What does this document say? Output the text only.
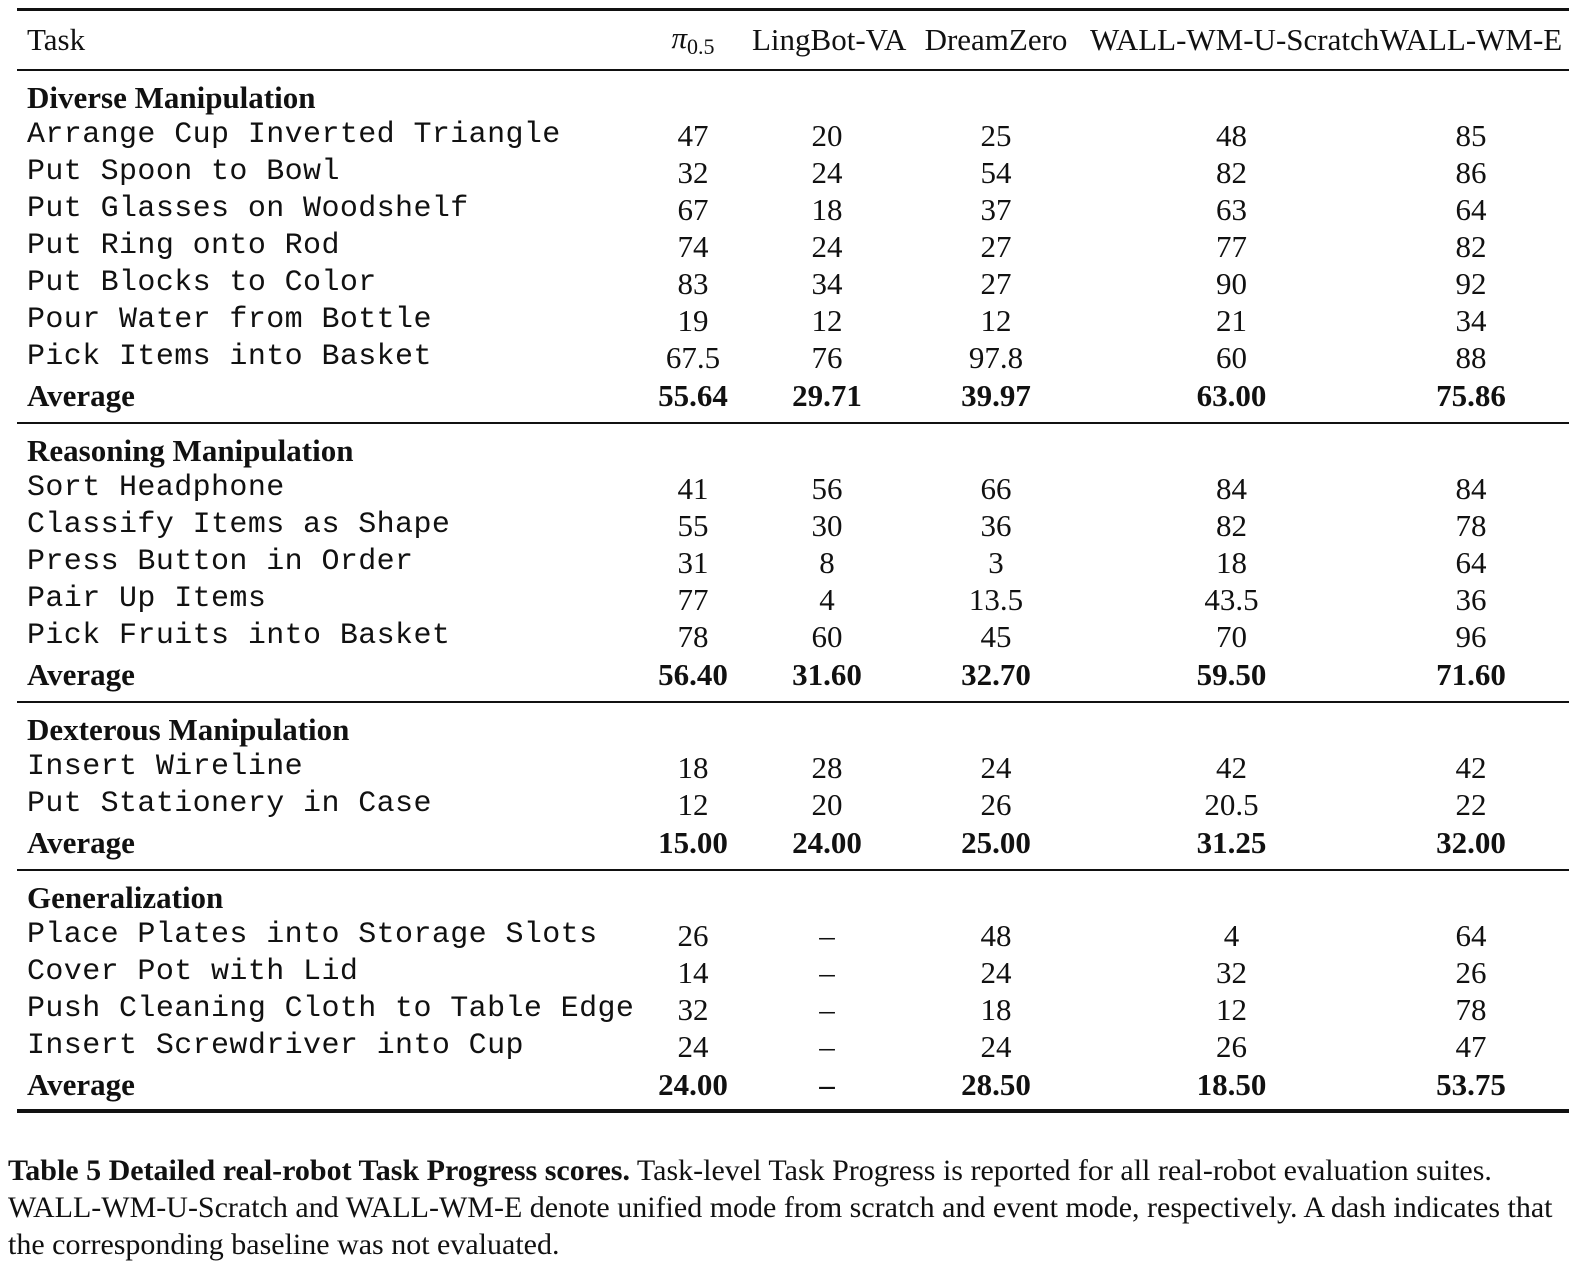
Task	π0.5	LingBot-VA	DreamZero	WALL-WM-U-Scratch	WALL-WM-E
Diverse Manipulation					
Arrange Cup Inverted Triangle	47	20	25	48	85
Put Spoon to Bowl	32	24	54	82	86
Put Glasses on Woodshelf	67	18	37	63	64
Put Ring onto Rod	74	24	27	77	82
Put Blocks to Color	83	34	27	90	92
Pour Water from Bottle	19	12	12	21	34
Pick Items into Basket	67.5	76	97.8	60	88
Average	55.64	29.71	39.97	63.00	75.86
Reasoning Manipulation					
Sort Headphone	41	56	66	84	84
Classify Items as Shape	55	30	36	82	78
Press Button in Order	31	8	3	18	64
Pair Up Items	77	4	13.5	43.5	36
Pick Fruits into Basket	78	60	45	70	96
Average	56.40	31.60	32.70	59.50	71.60
Dexterous Manipulation					
Insert Wireline	18	28	24	42	42
Put Stationery in Case	12	20	26	20.5	22
Average	15.00	24.00	25.00	31.25	32.00
Generalization					
Place Plates into Storage Slots	26	–	48	4	64
Cover Pot with Lid	14	–	24	32	26
Push Cleaning Cloth to Table Edge	32	–	18	12	78
Insert Screwdriver into Cup	24	–	24	26	47
Average	24.00	–	28.50	18.50	53.75
Table 5 Detailed real-robot Task Progress scores. Task-level Task Progress is reported for all real-robot evaluation suites. WALL-WM-U-Scratch and WALL-WM-E denote unified mode from scratch and event mode, respectively. A dash indicates that the corresponding baseline was not evaluated.
